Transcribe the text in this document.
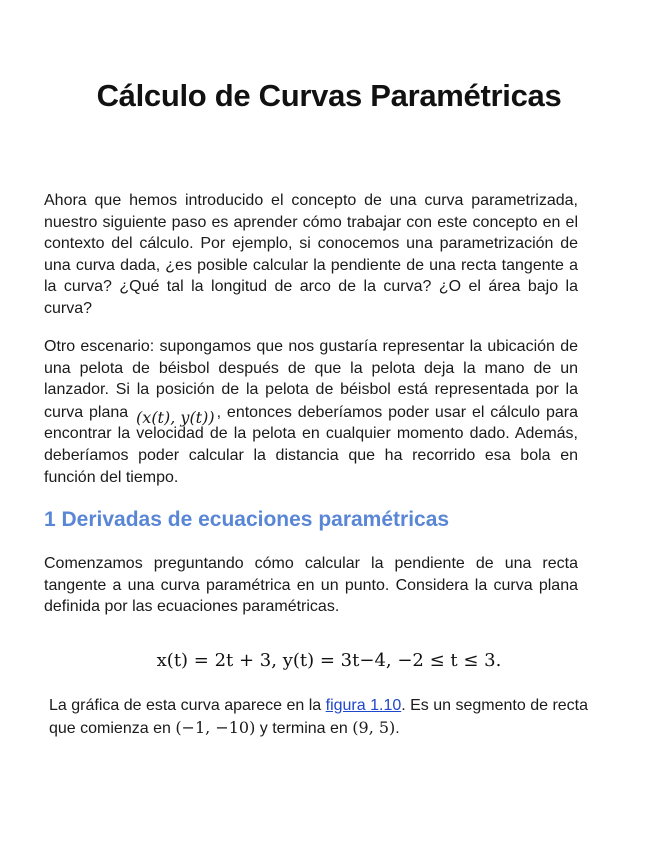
Cálculo de Curvas Paramétricas

Ahora que hemos introducido el concepto de una curva parametrizada, nuestro siguiente paso es aprender cómo trabajar con este concepto en el contexto del cálculo. Por ejemplo, si conocemos una parametrización de una curva dada, ¿es posible calcular la pendiente de una recta tangente a la curva? ¿Qué tal la longitud de arco de la curva? ¿O el área bajo la curva?

Otro escenario: supongamos que nos gustaría representar la ubicación de una pelota de béisbol después de que la pelota deja la mano de un lanzador. Si la posición de la pelota de béisbol está representada por la curva plana (x(t), y(t)) , entonces deberíamos poder usar el cálculo para encontrar la velocidad de la pelota en cualquier momento dado. Además, deberíamos poder calcular la distancia que ha recorrido esa bola en función del tiempo.

1 Derivadas de ecuaciones paramétricas

Comenzamos preguntando cómo calcular la pendiente de una recta tangente a una curva paramétrica en un punto. Considera la curva plana definida por las ecuaciones paramétricas.

x(t) = 2t + 3, y(t) = 3t−4, −2 ≤ t ≤ 3.

La gráfica de esta curva aparece en la figura 1.10. Es un segmento de recta que comienza en (−1, −10) y termina en (9, 5).
